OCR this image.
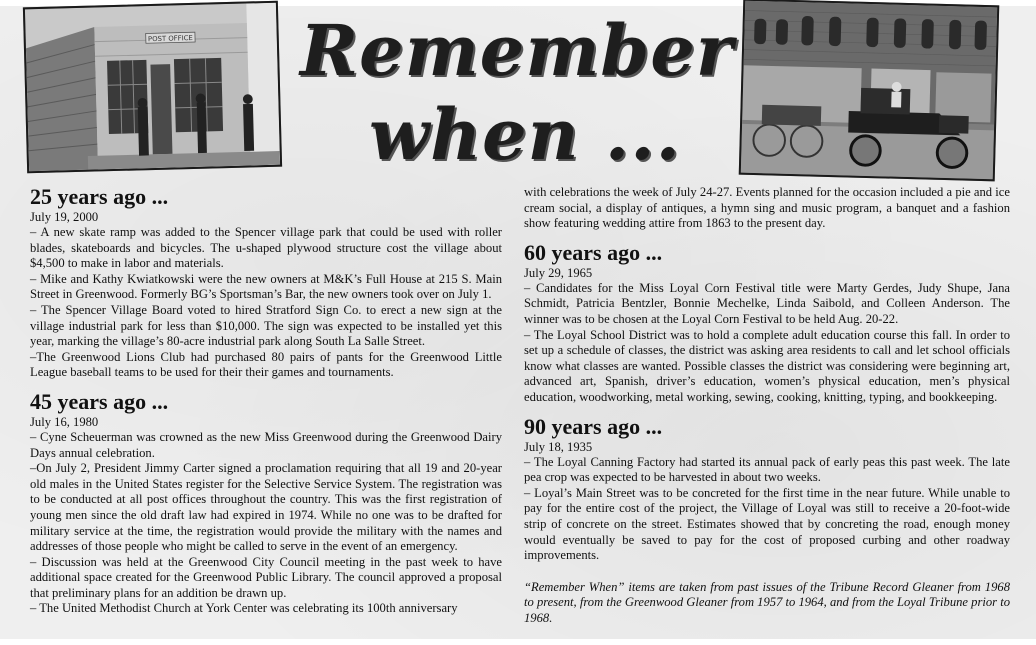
POST OFFICE Remember
when ...
25 years ago ...
July 19, 2000
– A new skate ramp was added to the Spencer village park that could be used with roller blades, skateboards and bicycles. The u-shaped plywood structure cost the village about $4,500 to make in labor and materials.
– Mike and Kathy Kwiatkowski were the new owners at M&K’s Full House at 215 S. Main Street in Greenwood. Formerly BG’s Sportsman’s Bar, the new owners took over on July 1.
– The Spencer Village Board voted to hired Stratford Sign Co. to erect a new sign at the village industrial park for less than $10,000. The sign was expected to be installed yet this year, marking the village’s 80-acre industrial park along South La Salle Street.
–The Greenwood Lions Club had purchased 80 pairs of pants for the Greenwood Little League baseball teams to be used for their their games and tournaments.
45 years ago ...
July 16, 1980
– Cyne Scheuerman was crowned as the new Miss Greenwood during the Greenwood Dairy Days annual celebration.
–On July 2, President Jimmy Carter signed a proclamation requiring that all 19 and 20-year old males in the United States register for the Selective Service System. The registration was to be conducted at all post offices throughout the country. This was the first registration of young men since the old draft law had expired in 1974. While no one was to be drafted for military service at the time, the registration would provide the military with the names and addresses of those people who might be called to serve in the event of an emergency.
– Discussion was held at the Greenwood City Council meeting in the past week to have additional space created for the Greenwood Public Library. The council approved a proposal that preliminary plans for an addition be drawn up.
– The United Methodist Church at York Center was celebrating its 100th anniversary
with celebrations the week of July 24-27. Events planned for the occasion included a pie and ice cream social, a display of antiques, a hymn sing and music program, a banquet and a fashion show featuring wedding attire from 1863 to the present day.
60 years ago ...
July 29, 1965
– Candidates for the Miss Loyal Corn Festival title were Marty Gerdes, Judy Shupe, Jana Schmidt, Patricia Bentzler, Bonnie Mechelke, Linda Saibold, and Colleen Anderson. The winner was to be chosen at the Loyal Corn Festival to be held Aug. 20-22.
– The Loyal School District was to hold a complete adult education course this fall. In order to set up a schedule of classes, the district was asking area residents to call and let school officials know what classes are wanted. Possible classes the district was considering were beginning art, advanced art, Spanish, driver’s education, women’s physical education, men’s physical education, woodworking, metal working, sewing, cooking, knitting, typing, and bookkeeping.
90 years ago ...
July 18, 1935
– The Loyal Canning Factory had started its annual pack of early peas this past week. The late pea crop was expected to be harvested in about two weeks.
– Loyal’s Main Street was to be concreted for the first time in the near future. While unable to pay for the entire cost of the project, the Village of Loyal was still to receive a 20-foot-wide strip of concrete on the street. Estimates showed that by concreting the road, enough money would eventually be saved to pay for the cost of proposed curbing and other roadway improvements.
“Remember When” items are taken from past issues of the Tribune Record Gleaner from 1968 to present, from the Greenwood Gleaner from 1957 to 1964, and from the Loyal Tribune prior to 1968.
